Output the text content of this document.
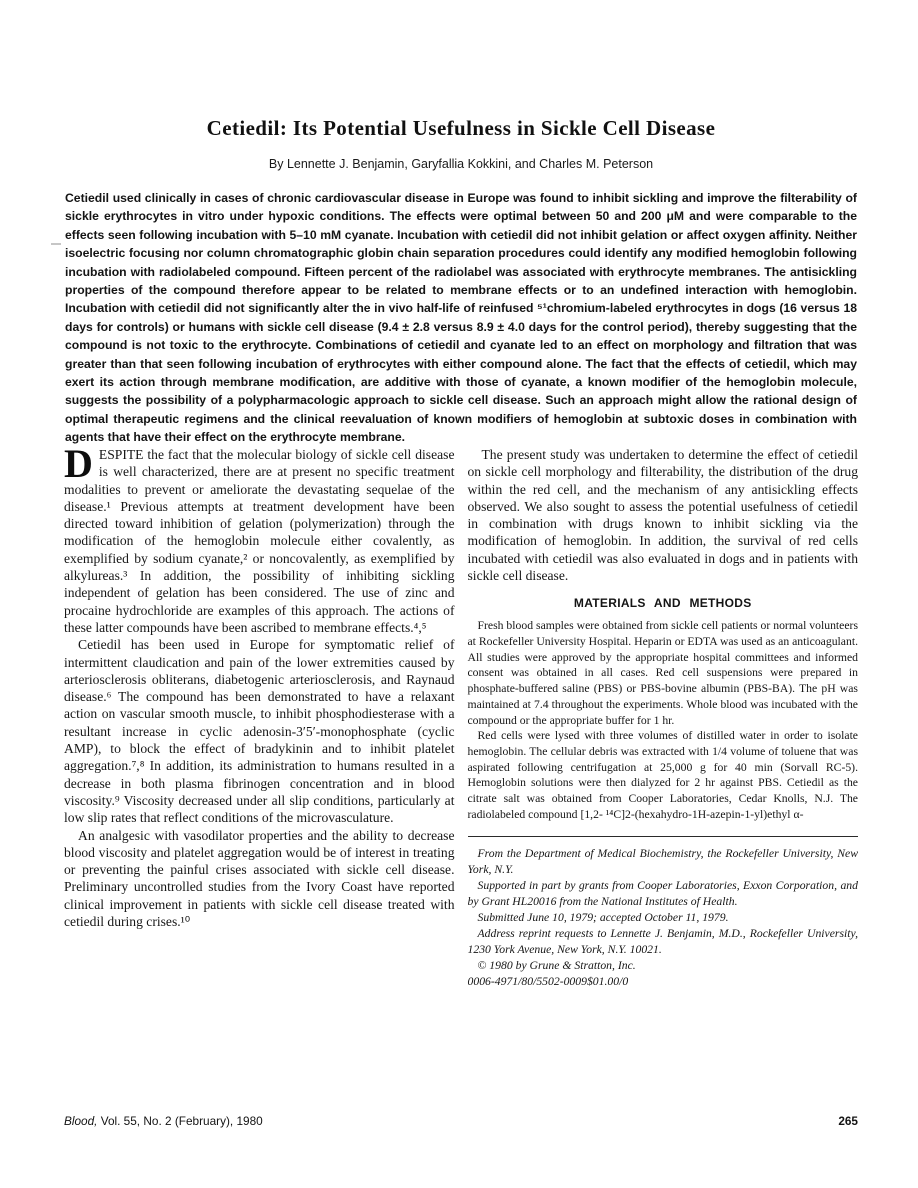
Cetiedil: Its Potential Usefulness in Sickle Cell Disease
By Lennette J. Benjamin, Garyfallia Kokkini, and Charles M. Peterson

Cetiedil used clinically in cases of chronic cardiovascular disease in Europe was found to inhibit sickling and improve the filterability of sickle erythrocytes in vitro under hypoxic conditions. The effects were optimal between 50 and 200 μM and were comparable to the effects seen following incubation with 5–10 mM cyanate. Incubation with cetiedil did not inhibit gelation or affect oxygen affinity. Neither isoelectric focusing nor column chromatographic globin chain separation procedures could identify any modified hemoglobin following incubation with radiolabeled compound. Fifteen percent of the radiolabel was associated with erythrocyte membranes. The antisickling properties of the compound therefore appear to be related to membrane effects or to an undefined interaction with hemoglobin. Incubation with cetiedil did not significantly alter the in vivo half-life of reinfused ⁵¹chromium-labeled erythrocytes in dogs (16 versus 18 days for controls) or humans with sickle cell disease (9.4 ± 2.8 versus 8.9 ± 4.0 days for the control period), thereby suggesting that the compound is not toxic to the erythrocyte. Combinations of cetiedil and cyanate led to an effect on morphology and filtration that was greater than that seen following incubation of erythrocytes with either compound alone. The fact that the effects of cetiedil, which may exert its action through membrane modification, are additive with those of cyanate, a known modifier of the hemoglobin molecule, suggests the possibility of a polypharmacologic approach to sickle cell disease. Such an approach might allow the rational design of optimal therapeutic regimens and the clinical reevaluation of known modifiers of hemoglobin at subtoxic doses in combination with agents that have their effect on the erythrocyte membrane.

DESPITE the fact that the molecular biology of sickle cell disease is well characterized, there are at present no specific treatment modalities to prevent or ameliorate the devastating sequelae of the disease.¹ Previous attempts at treatment development have been directed toward inhibition of gelation (polymerization) through the modification of the hemoglobin molecule either covalently, as exemplified by sodium cyanate,² or noncovalently, as exemplified by alkylureas.³ In addition, the possibility of inhibiting sickling independent of gelation has been considered. The use of zinc and procaine hydrochloride are examples of this approach. The actions of these latter compounds have been ascribed to membrane effects.⁴,⁵

Cetiedil has been used in Europe for symptomatic relief of intermittent claudication and pain of the lower extremities caused by arteriosclerosis obliterans, diabetogenic arteriosclerosis, and Raynaud disease.⁶ The compound has been demonstrated to have a relaxant action on vascular smooth muscle, to inhibit phosphodiesterase with a resultant increase in cyclic adenosin-3′5′-monophosphate (cyclic AMP), to block the effect of bradykinin and to inhibit platelet aggregation.⁷,⁸ In addition, its administration to humans resulted in a decrease in both plasma fibrinogen concentration and in blood viscosity.⁹ Viscosity decreased under all slip conditions, particularly at low slip rates that reflect conditions of the microvasculature.

An analgesic with vasodilator properties and the ability to decrease blood viscosity and platelet aggregation would be of interest in treating or preventing the painful crises associated with sickle cell disease. Preliminary uncontrolled studies from the Ivory Coast have reported clinical improvement in patients with sickle cell disease treated with cetiedil during crises.¹⁰

The present study was undertaken to determine the effect of cetiedil on sickle cell morphology and filterability, the distribution of the drug within the red cell, and the mechanism of any antisickling effects observed. We also sought to assess the potential usefulness of cetiedil in combination with drugs known to inhibit sickling via the modification of hemoglobin. In addition, the survival of red cells incubated with cetiedil was also evaluated in dogs and in patients with sickle cell disease.

MATERIALS AND METHODS

Fresh blood samples were obtained from sickle cell patients or normal volunteers at Rockefeller University Hospital. Heparin or EDTA was used as an anticoagulant. All studies were approved by the appropriate hospital committees and informed consent was obtained in all cases. Red cell suspensions were prepared in phosphate-buffered saline (PBS) or PBS-bovine albumin (PBS-BA). The pH was maintained at 7.4 throughout the experiments. Whole blood was incubated with the compound or the appropriate buffer for 1 hr.

Red cells were lysed with three volumes of distilled water in order to isolate hemoglobin. The cellular debris was extracted with 1/4 volume of toluene that was aspirated following centrifugation at 25,000 g for 40 min (Sorvall RC-5). Hemoglobin solutions were then dialyzed for 2 hr against PBS. Cetiedil as the citrate salt was obtained from Cooper Laboratories, Cedar Knolls, N.J. The radiolabeled compound [1,2- ¹⁴C]2-(hexahydro-1H-azepin-1-yl)ethyl α-

From the Department of Medical Biochemistry, the Rockefeller University, New York, N.Y.

Supported in part by grants from Cooper Laboratories, Exxon Corporation, and by Grant HL20016 from the National Institutes of Health.

Submitted June 10, 1979; accepted October 11, 1979.

Address reprint requests to Lennette J. Benjamin, M.D., Rockefeller University, 1230 York Avenue, New York, N.Y. 10021.

© 1980 by Grune & Stratton, Inc.

0006-4971/80/5502-0009$01.00/0

Blood, Vol. 55, No. 2 (February), 1980	265
